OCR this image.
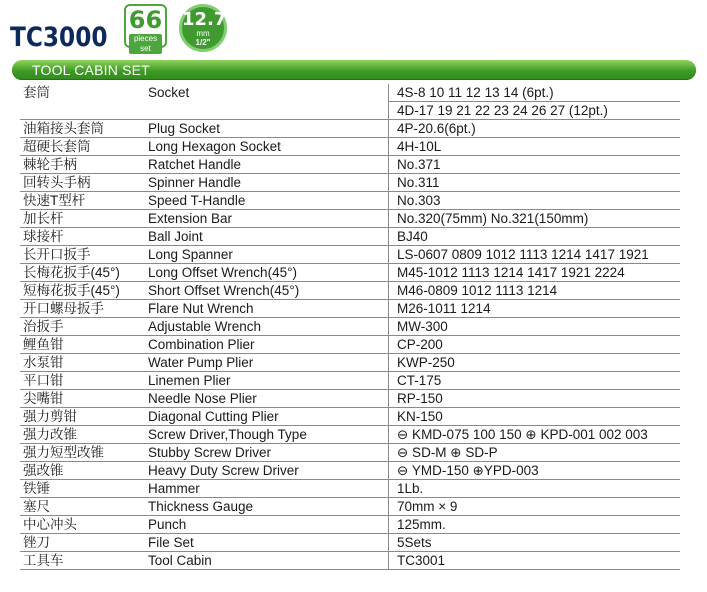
TC3000
66
pieces set
12.7
mm
1/2"
TOOL CABIN SET
套筒	Socket	4S-8 10 11 12 13 14 (6pt.)
		4D-17 19 21 22 23 24 26 27 (12pt.)
油箱接头套筒	Plug Socket	4P-20.6(6pt.)
超硬长套筒	Long Hexagon Socket	4H-10L
棘轮手柄	Ratchet Handle	No.371
回转头手柄	Spinner Handle	No.311
快速T型杆	Speed T-Handle	No.303
加长杆	Extension Bar	No.320(75mm) No.321(150mm)
球接杆	Ball Joint	BJ40
长开口扳手	Long Spanner	LS-0607 0809 1012 1113 1214 1417 1921
长梅花扳手(45°)	Long Offset Wrench(45°)	M45-1012 1113 1214 1417 1921 2224
短梅花扳手(45°)	Short Offset Wrench(45°)	M46-0809 1012 1113 1214
开口螺母扳手	Flare Nut Wrench	M26-1011 1214
治扳手	Adjustable Wrench	MW-300
鲤鱼钳	Combination Plier	CP-200
水泵钳	Water Pump Plier	KWP-250
平口钳	Linemen Plier	CT-175
尖嘴钳	Needle Nose Plier	RP-150
强力剪钳	Diagonal Cutting Plier	KN-150
强力改锥	Screw Driver,Though Type	⊖ KMD-075 100 150 ⊕ KPD-001 002 003
强力短型改锥	Stubby Screw Driver	⊖ SD-M ⊕ SD-P
强改锥	Heavy Duty Screw Driver	⊖ YMD-150 ⊕YPD-003
铁锤	Hammer	1Lb.
塞尺	Thickness Gauge	70mm × 9
中心冲头	Punch	125mm.
锉刀	File Set	5Sets
工具车	Tool Cabin	TC3001
